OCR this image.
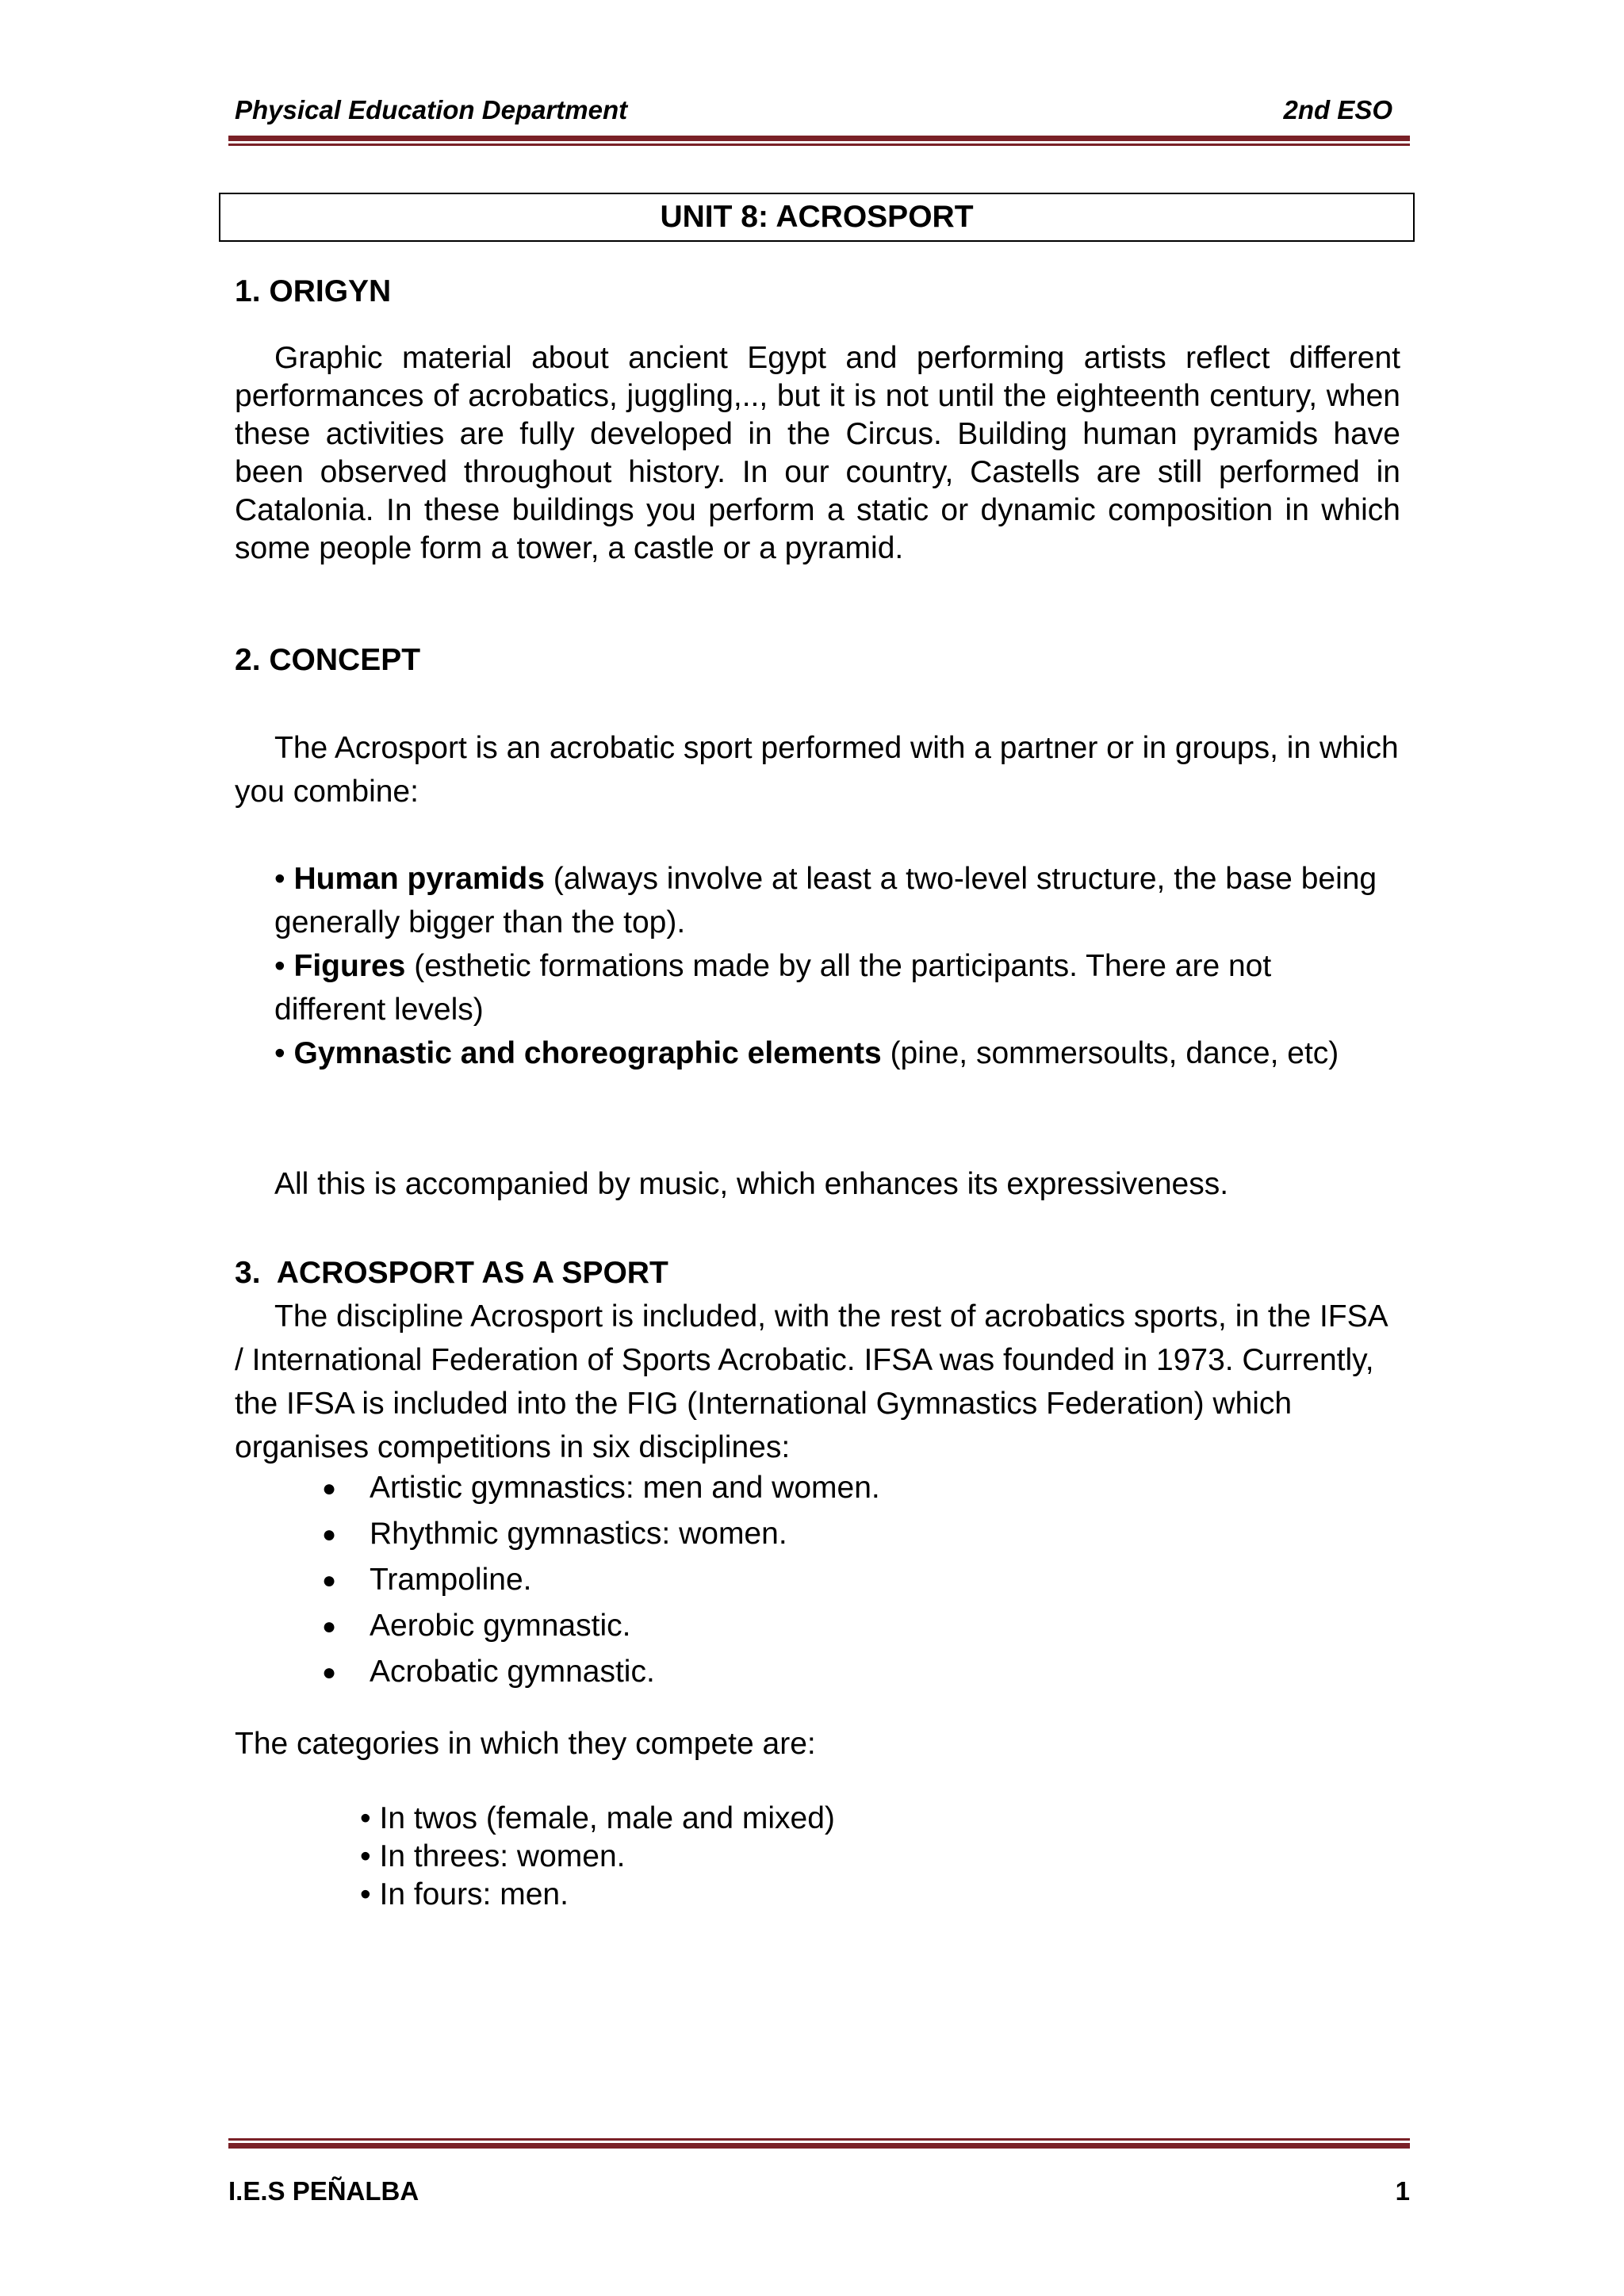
Physical Education Department	2nd ESO
UNIT 8: ACROSPORT
1. ORIGYN
Graphic material about ancient Egypt and performing artists reflect different performances of acrobatics, juggling,.., but it is not until the eighteenth century, when these activities are fully developed in the Circus. Building human pyramids have been observed throughout history. In our country, Castells are still performed in Catalonia. In these buildings you perform a static or dynamic composition in which some people form a tower, a castle or a pyramid.
2. CONCEPT
The Acrosport is an acrobatic sport performed with a partner or in groups, in which you combine:
• Human pyramids (always involve at least a two-level structure, the base being generally bigger than the top).
• Figures (esthetic formations made by all the participants. There are not different levels)
• Gymnastic and choreographic elements (pine, sommersoults, dance, etc)
All this is accompanied by music, which enhances its expressiveness.
3.  ACROSPORT AS A SPORT
The discipline Acrosport is included, with the rest of acrobatics sports, in the IFSA / International Federation of Sports Acrobatic. IFSA was founded in 1973. Currently, the IFSA is included into the FIG (International Gymnastics Federation) which organises competitions in six disciplines:
● Artistic gymnastics: men and women.
● Rhythmic gymnastics: women.
● Trampoline.
● Aerobic gymnastic.
● Acrobatic gymnastic.
The categories in which they compete are:
• In twos (female, male and mixed)
• In threes: women.
• In fours: men.
I.E.S PEÑALBA	1
